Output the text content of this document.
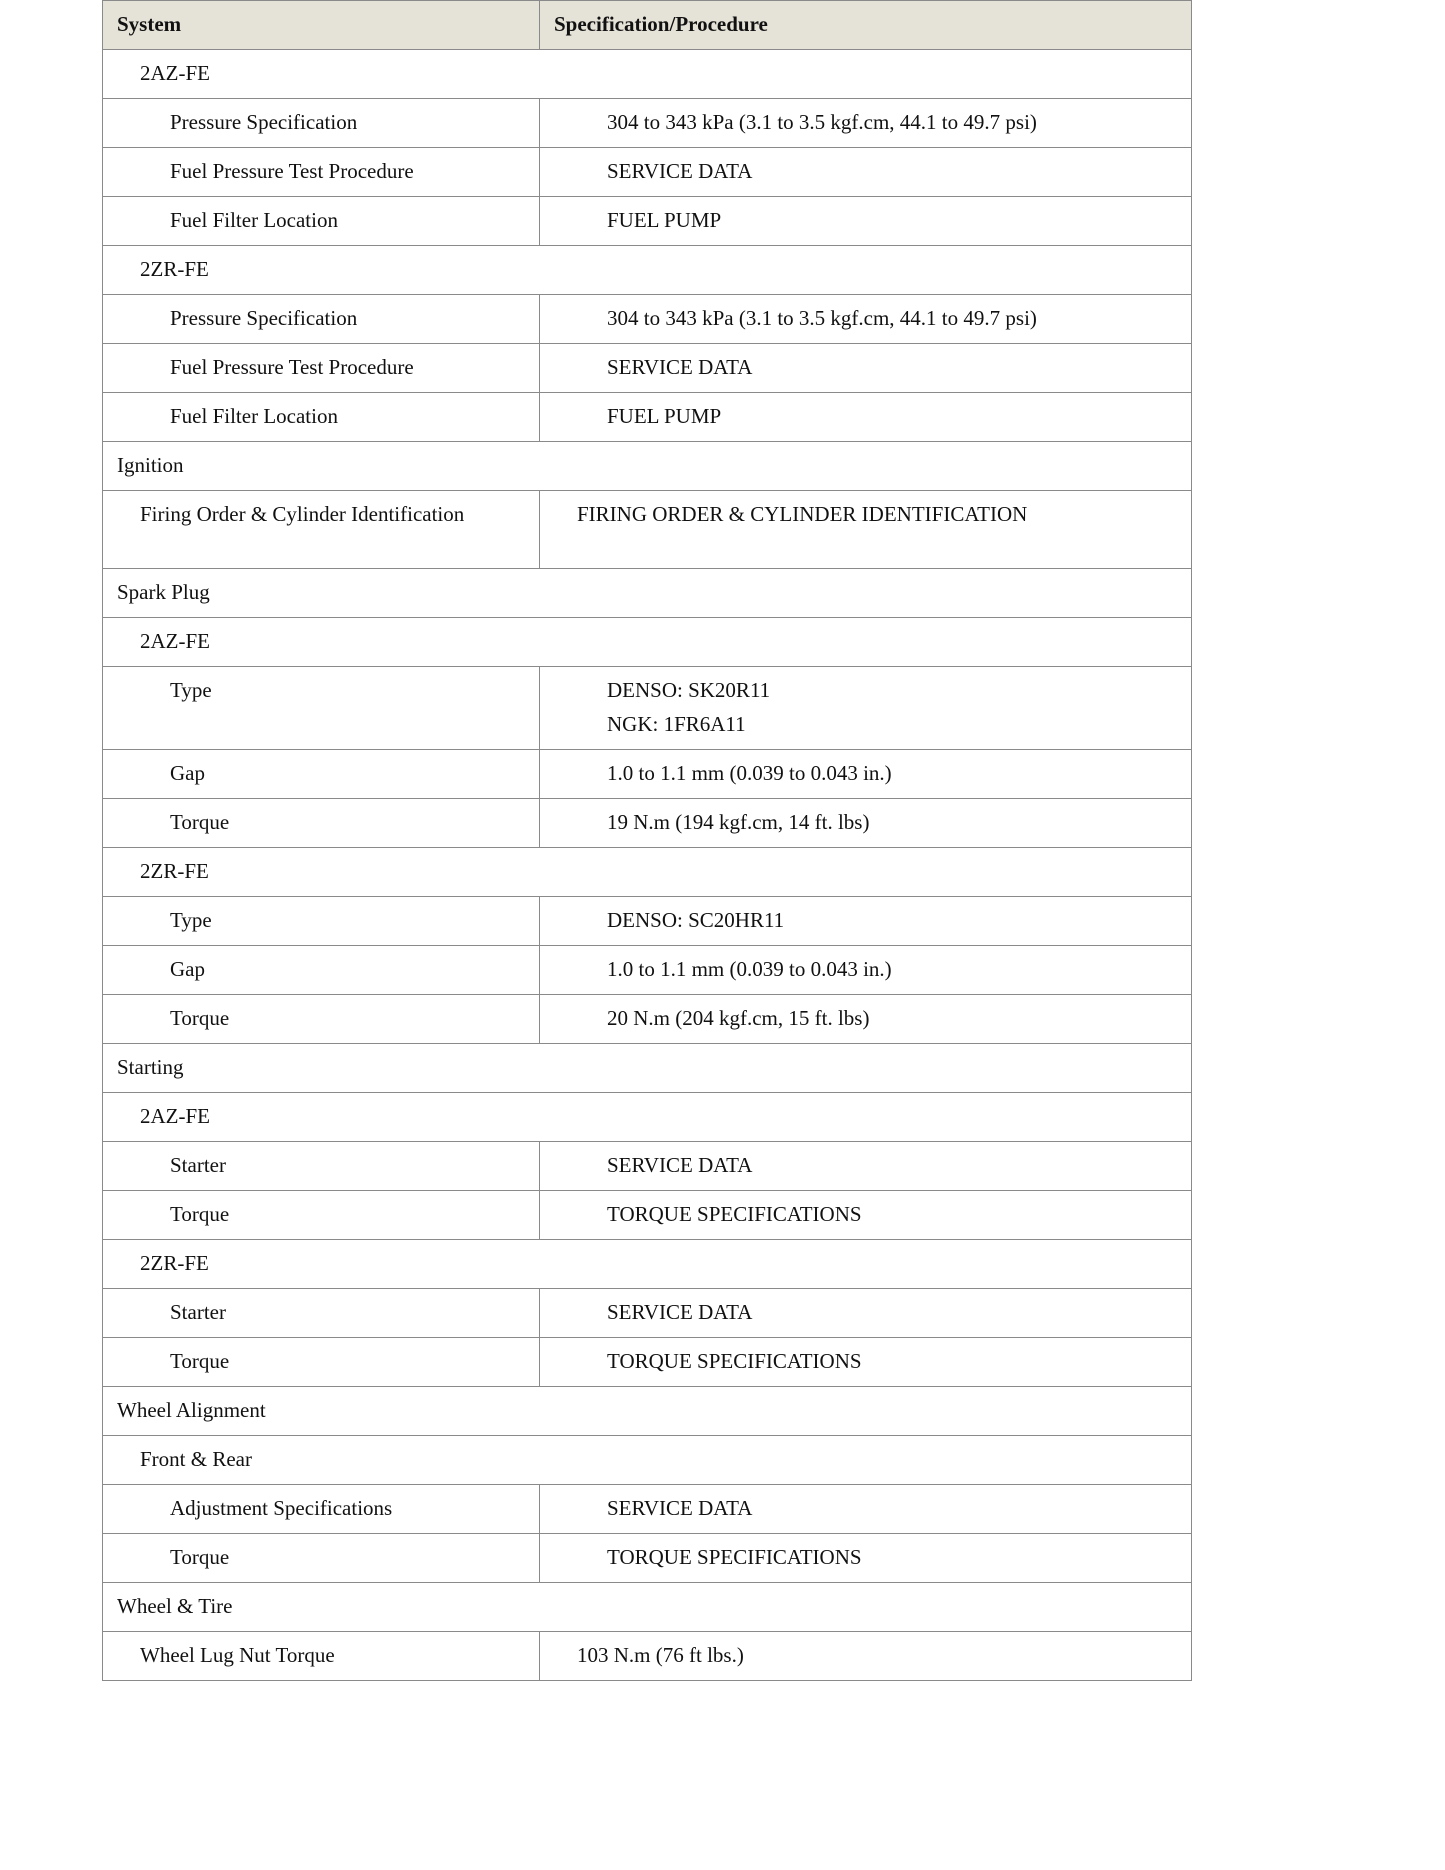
System	Specification/Procedure
2AZ-FE	
Pressure Specification	304 to 343 kPa (3.1 to 3.5 kgf.cm, 44.1 to 49.7 psi)

Fuel Pressure Test Procedure	SERVICE DATA

Fuel Filter Location	FUEL PUMP

2ZR-FE	
Pressure Specification	304 to 343 kPa (3.1 to 3.5 kgf.cm, 44.1 to 49.7 psi)

Fuel Pressure Test Procedure	SERVICE DATA

Fuel Filter Location	FUEL PUMP

Ignition	
Firing Order & Cylinder Identification	FIRING ORDER & CYLINDER IDENTIFICATION

Spark Plug	
2AZ-FE	
Type	DENSO: SK20R11
NGK: 1FR6A11

Gap	1.0 to 1.1 mm (0.039 to 0.043 in.)

Torque	19 N.m (194 kgf.cm, 14 ft. lbs)

2ZR-FE	
Type	DENSO: SC20HR11

Gap	1.0 to 1.1 mm (0.039 to 0.043 in.)

Torque	20 N.m (204 kgf.cm, 15 ft. lbs)

Starting	
2AZ-FE	
Starter	SERVICE DATA

Torque	TORQUE SPECIFICATIONS

2ZR-FE	
Starter	SERVICE DATA

Torque	TORQUE SPECIFICATIONS

Wheel Alignment	
Front & Rear	
Adjustment Specifications	SERVICE DATA

Torque	TORQUE SPECIFICATIONS

Wheel & Tire	
Wheel Lug Nut Torque	103 N.m (76 ft lbs.)
